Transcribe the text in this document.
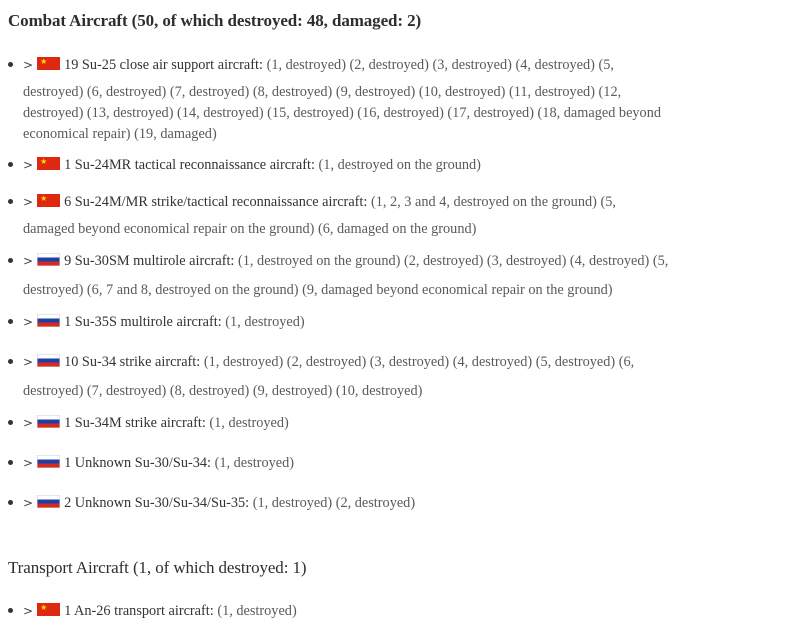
Combat Aircraft (50, of which destroyed: 48, damaged: 2)
> ★ 19 Su-25 close air support aircraft: (1, destroyed) (2, destroyed) (3, destroyed) (4, destroyed) (5,
destroyed) (6, destroyed) (7, destroyed) (8, destroyed) (9, destroyed) (10, destroyed) (11, destroyed) (12,
destroyed) (13, destroyed) (14, destroyed) (15, destroyed) (16, destroyed) (17, destroyed) (18, damaged beyond
economical repair) (19, damaged)
> ★ 1 Su-24MR tactical reconnaissance aircraft: (1, destroyed on the ground)
> ★ 6 Su-24M/MR strike/tactical reconnaissance aircraft: (1, 2, 3 and 4, destroyed on the ground) (5,
damaged beyond economical repair on the ground) (6, damaged on the ground)
> 9 Su-30SM multirole aircraft: (1, destroyed on the ground) (2, destroyed) (3, destroyed) (4, destroyed) (5,
destroyed) (6, 7 and 8, destroyed on the ground) (9, damaged beyond economical repair on the ground)
> 1 Su-35S multirole aircraft: (1, destroyed)
> 10 Su-34 strike aircraft: (1, destroyed) (2, destroyed) (3, destroyed) (4, destroyed) (5, destroyed) (6,
destroyed) (7, destroyed) (8, destroyed) (9, destroyed) (10, destroyed)
> 1 Su-34M strike aircraft: (1, destroyed)
> 1 Unknown Su-30/Su-34: (1, destroyed)
> 2 Unknown Su-30/Su-34/Su-35: (1, destroyed) (2, destroyed)
Transport Aircraft (1, of which destroyed: 1)
> ★ 1 An-26 transport aircraft: (1, destroyed)
